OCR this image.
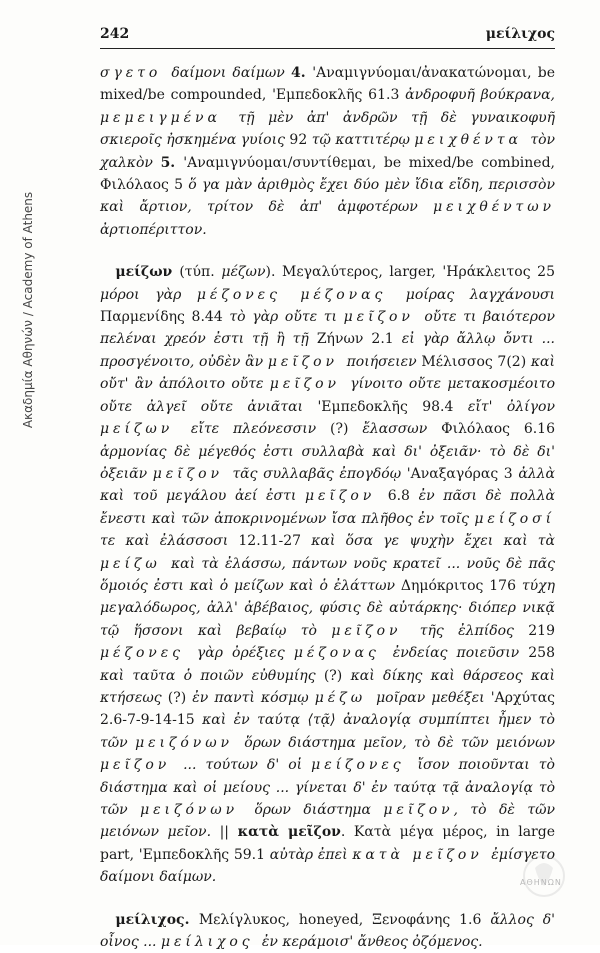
Ακαδημία Αθηνών / Academy of Athens
242	μείλιχος

σγετο δαίμονι δαίμων 4. 'Αναμιγνύομαι/ἀνακατώνομαι, be mixed/be compounded, 'Εμπεδοκλῆς 61.3 ἀνδροφυῆ βούκρανα, μεμειγμένα τῇ μὲν ἀπ' ἀνδρῶν τῇ δὲ γυναικοφυῆ σκιεροῖς ἠσκημένα γυίοις 92 τῷ καττιτέρῳ μειχθέντα τὸν χαλκὸν 5. 'Αναμιγνύομαι/συντίθεμαι, be mixed/be combined, Φιλόλαος 5 ὅ γα μὰν ἀριθμὸς ἔχει δύο μὲν ἴδια εἴδη, περισσὸν καὶ ἄρτιον, τρίτον δὲ ἀπ' ἀμφοτέρων μειχθέντων ἀρτιοπέριττον.

μείζων (τύπ. μέζων). Μεγαλύτερος, larger, 'Ηράκλειτος 25 μόροι γὰρ μέζονες μέζονας μοίρας λαγχάνουσι Παρμενίδης 8.44 τὸ γὰρ οὔτε τι μεῖζον οὔτε τι βαιότερον πελέναι χρεόν ἐστι τῇ ἢ τῇ Ζήνων 2.1 εἰ γὰρ ἄλλῳ ὄντι ... προσγένοιτο, οὐδὲν ἂν μεῖζον ποιήσειεν Μέλισσος 7(2) καὶ οὔτ' ἂν ἀπόλοιτο οὔτε μεῖζον γίνοιτο οὔτε μετακοσμέοιτο οὔτε ἀλγεῖ οὔτε ἀνιᾶται 'Εμπεδοκλῆς 98.4 εἴτ' ὀλίγον μείζων εἴτε πλεόνεσσιν (?) ἔλασσων Φιλόλαος 6.16 ἁρμονίας δὲ μέγεθός ἐστι συλλαβὰ καὶ δι' ὀξειᾶν· τὸ δὲ δι' ὀξειᾶν μεῖζον τᾶς συλλαβᾶς ἐπογδόῳ 'Αναξαγόρας 3 ἀλλὰ καὶ τοῦ μεγάλου ἀεί ἐστι μεῖζον 6.8 ἐν πᾶσι δὲ πολλὰ ἔνεστι καὶ τῶν ἀποκρινομένων ἴσα πλῆθος ἐν τοῖς μείζοσί τε καὶ ἐλάσσοσι 12.11-27 καὶ ὅσα γε ψυχὴν ἔχει καὶ τὰ μείζω καὶ τὰ ἐλάσσω, πάντων νοῦς κρατεῖ ... νοῦς δὲ πᾶς ὅμοιός ἐστι καὶ ὁ μείζων καὶ ὁ ἐλάττων Δημόκριτος 176 τύχη μεγαλόδωρος, ἀλλ' ἀβέβαιος, φύσις δὲ αὐτάρκης· διόπερ νικᾷ τῷ ἥσσονι καὶ βεβαίῳ τὸ μεῖζον τῆς ἐλπίδος 219 μέζονες γὰρ ὀρέξιες μέζονας ἐνδείας ποιεῦσιν 258 καὶ ταῦτα ὁ ποιῶν εὐθυμίης (?) καὶ δίκης καὶ θάρσεος καὶ κτήσεως (?) ἐν παντὶ κόσμῳ μέζω μοῖραν μεθέξει 'Αρχύτας 2.6-7-9-14-15 καὶ ἐν ταύτᾳ ⟨τᾷ⟩ ἀναλογίᾳ συμπίπτει ἦμεν τὸ τῶν μειζόνων ὅρων διάστημα μεῖον, τὸ δὲ τῶν μειόνων μεῖζον ... τούτων δ' οἱ μείζονες ἴσον ποιοῦνται τὸ διάστημα καὶ οἱ μείους ... γίνεται δ' ἐν ταύτᾳ τᾷ ἀναλογίᾳ τὸ τῶν μειζόνων ὅρων διάστημα μεῖζον, τὸ δὲ τῶν μειόνων μεῖον. || κατὰ μεῖζον. Κατὰ μέγα μέρος, in large part, 'Εμπεδοκλῆς 59.1 αὐτὰρ ἐπεὶ κατὰ μεῖζον ἐμίσγετο δαίμονι δαίμων.

μείλιχος. Μελίγλυκος, honeyed, Ξενοφάνης 1.6 ἄλλος δ' οἶνος ... μείλιχος ἐν κεράμοισ' ἄνθεος ὀζόμενος.

ΑΘΗΝΩΝ
